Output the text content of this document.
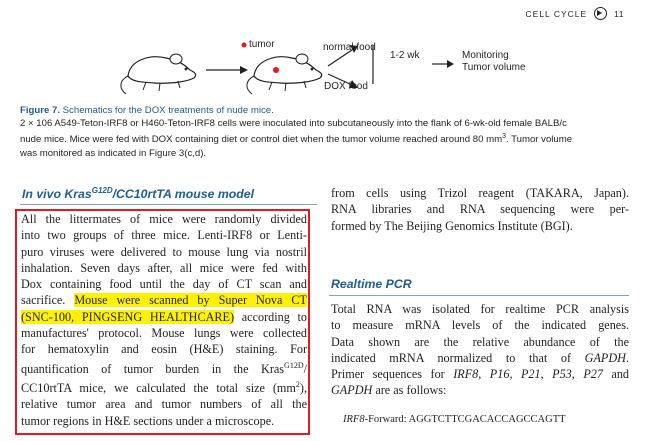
CELL CYCLE	11
tumor	normal food
DOX food
1-2 wk	Monitoring
Tumor volume

Figure 7. Schematics for the DOX treatments of nude mice.

2 × 106 A549-Teton-IRF8 or H460-Teton-IRF8 cells were inoculated into subcutaneously into the flank of 6-wk-old female BALB/c

nude mice. Mice were fed with DOX containing diet or control diet when the tumor volume reached around 80 $mm^3$. Tumor volume

was monitored as indicated in Figure 3(c,d).

In vivo Kras$^{G12D}$/CC10rtTA mouse model
All the littermates of mice were randomly divided
into two groups of three mice. Lenti-IRF8 or Lenti-
puro viruses were delivered to mouse lung via nostril
inhalation. Seven days after, all mice were fed with
Dox containing food until the day of CT scan and
sacrifice. Mouse were scanned by Super Nova CT
(SNC-100, PINGSENG HEALTHCARE) according to
manufactures' protocol. Mouse lungs were collected
for hematoxylin and eosin (H&E) staining. For
quantification of tumor burden in the Kras$^{G12D}$/
CC10rtTA mice, we calculated the total size $(mm^2)$,
relative tumor area and tumor numbers of all the
tumor regions in H&E sections under a microscope.
from cells using Trizol reagent (TAKARA, Japan).
RNA libraries and RNA sequencing were per-
formed by The Beijing Genomics Institute (BGI).
Realtime PCR
Total RNA was isolated for realtime PCR analysis
to measure mRNA levels of the indicated genes.
Data shown are the relative abundance of the
indicated mRNA normalized to that of GAPDH.
Primer sequences for IRF8, P16, P21, P53, P27 and
GAPDH are as follows:
IRF8-Forward: AGGTCTTCGACACCAGCCAGTT
